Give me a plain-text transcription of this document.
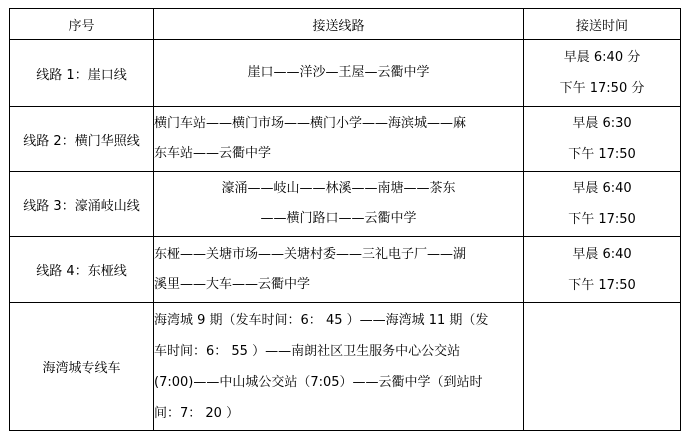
序号	接送线路	接送时间
线路 1：崖口线	崖口——洋沙—王屋—云衢中学	早晨 6:40 分
下午 17:50 分

线路 2：横门华照线	横门车站——横门市场——横门小学——海滨城——麻
东车站——云衢中学	早晨 6:30
下午 17:50

线路 3：濠涌岐山线	濠涌——岐山——林溪——南塘——茶东
——横门路口——云衢中学	早晨 6:40
下午 17:50

线路 4：东桠线	东桠——关塘市场——关塘村委——三礼电子厂——湖
溪里——大车——云衢中学	早晨 6:40
下午 17:50

海湾城专线车	海湾城 9 期（发车时间：6： 45 ）——海湾城 11 期（发
车时间：6： 55 ）——南朗社区卫生服务中心公交站
(7:00)——中山城公交站（7:05）——云衢中学（到站时
间：7： 20 ）	
